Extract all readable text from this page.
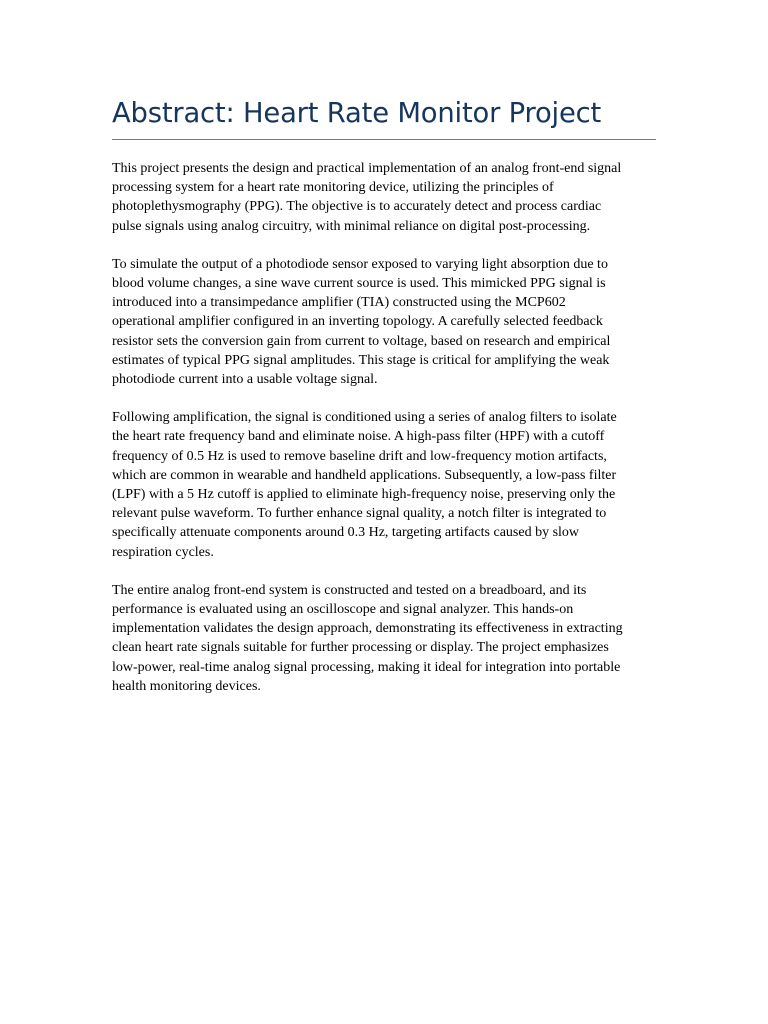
Abstract: Heart Rate Monitor Project

This project presents the design and practical implementation of an analog front-end signal
processing system for a heart rate monitoring device, utilizing the principles of
photoplethysmography (PPG). The objective is to accurately detect and process cardiac
pulse signals using analog circuitry, with minimal reliance on digital post-processing.

To simulate the output of a photodiode sensor exposed to varying light absorption due to
blood volume changes, a sine wave current source is used. This mimicked PPG signal is
introduced into a transimpedance amplifier (TIA) constructed using the MCP602
operational amplifier configured in an inverting topology. A carefully selected feedback
resistor sets the conversion gain from current to voltage, based on research and empirical
estimates of typical PPG signal amplitudes. This stage is critical for amplifying the weak
photodiode current into a usable voltage signal.

Following amplification, the signal is conditioned using a series of analog filters to isolate
the heart rate frequency band and eliminate noise. A high-pass filter (HPF) with a cutoff
frequency of 0.5 Hz is used to remove baseline drift and low-frequency motion artifacts,
which are common in wearable and handheld applications. Subsequently, a low-pass filter
(LPF) with a 5 Hz cutoff is applied to eliminate high-frequency noise, preserving only the
relevant pulse waveform. To further enhance signal quality, a notch filter is integrated to
specifically attenuate components around 0.3 Hz, targeting artifacts caused by slow
respiration cycles.

The entire analog front-end system is constructed and tested on a breadboard, and its
performance is evaluated using an oscilloscope and signal analyzer. This hands-on
implementation validates the design approach, demonstrating its effectiveness in extracting
clean heart rate signals suitable for further processing or display. The project emphasizes
low-power, real-time analog signal processing, making it ideal for integration into portable
health monitoring devices.
